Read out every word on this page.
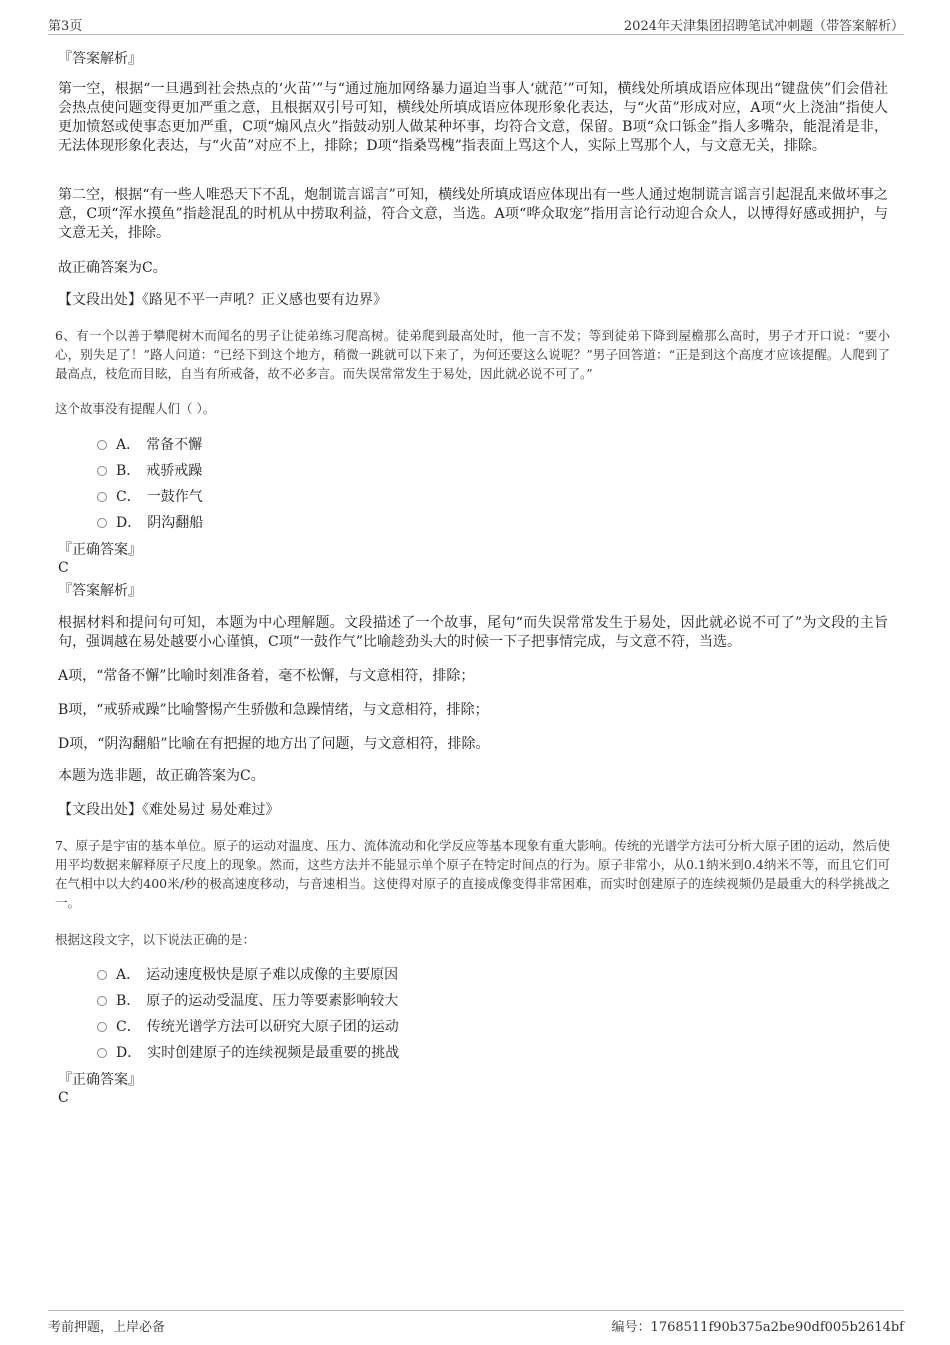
第3页	2024年天津集团招聘笔试冲刺题（带答案解析）
『答案解析』

第一空，根据“一旦遇到社会热点的‘火苗’”与“通过施加网络暴力逼迫当事人‘就范’”可知，横线处所填成语应体现出“键盘侠”们会借社会热点使问题变得更加严重之意，且根据双引号可知，横线处所填成语应体现形象化表达，与“火苗”形成对应，A项“火上浇油”指使人更加愤怒或使事态更加严重，C项“煽风点火”指鼓动别人做某种坏事，均符合文意，保留。B项“众口铄金”指人多嘴杂，能混淆是非，无法体现形象化表达，与“火苗”对应不上，排除；D项“指桑骂槐”指表面上骂这个人，实际上骂那个人，与文意无关，排除。

第二空，根据“有一些人唯恐天下不乱，炮制谎言谣言”可知，横线处所填成语应体现出有一些人通过炮制谎言谣言引起混乱来做坏事之意，C项“浑水摸鱼”指趁混乱的时机从中捞取利益，符合文意，当选。A项“哗众取宠”指用言论行动迎合众人，以博得好感或拥护，与文意无关，排除。

故正确答案为C。
【文段出处】《路见不平一声吼？正义感也要有边界》

6、有一个以善于攀爬树木而闻名的男子让徒弟练习爬高树。徒弟爬到最高处时，他一言不发；等到徒弟下降到屋檐那么高时，男子才开口说：“要小心，别失足了！”路人问道：“已经下到这个地方，稍微一跳就可以下来了，为何还要这么说呢？”男子回答道：“正是到这个高度才应该提醒。人爬到了最高点，枝危而目眩，自当有所戒备，故不必多言。而失误常常发生于易处，因此就必说不可了。”

这个故事没有提醒人们（ ）。
A． 常备不懈
B． 戒骄戒躁
C． 一鼓作气
D． 阴沟翻船
『正确答案』
C
『答案解析』

根据材料和提问句可知，本题为中心理解题。文段描述了一个故事，尾句“而失误常常发生于易处，因此就必说不可了”为文段的主旨句，强调越在易处越要小心谨慎，C项“一鼓作气”比喻趁劲头大的时候一下子把事情完成，与文意不符，当选。

A项，“常备不懈”比喻时刻准备着，毫不松懈，与文意相符，排除；
B项，“戒骄戒躁”比喻警惕产生骄傲和急躁情绪，与文意相符，排除；
D项，“阴沟翻船”比喻在有把握的地方出了问题，与文意相符，排除。
本题为选非题，故正确答案为C。
【文段出处】《难处易过 易处难过》

7、原子是宇宙的基本单位。原子的运动对温度、压力、流体流动和化学反应等基本现象有重大影响。传统的光谱学方法可分析大原子团的运动，然后使用平均数据来解释原子尺度上的现象。然而，这些方法并不能显示单个原子在特定时间点的行为。原子非常小，从0.1纳米到0.4纳米不等，而且它们可在气相中以大约400米/秒的极高速度移动，与音速相当。这使得对原子的直接成像变得非常困难，而实时创建原子的连续视频仍是最重大的科学挑战之一。

根据这段文字，以下说法正确的是：
A． 运动速度极快是原子难以成像的主要原因
B． 原子的运动受温度、压力等要素影响较大
C． 传统光谱学方法可以研究大原子团的运动
D． 实时创建原子的连续视频是最重要的挑战
『正确答案』
C
考前押题，上岸必备	编号：1768511f90b375a2be90df005b2614bf
